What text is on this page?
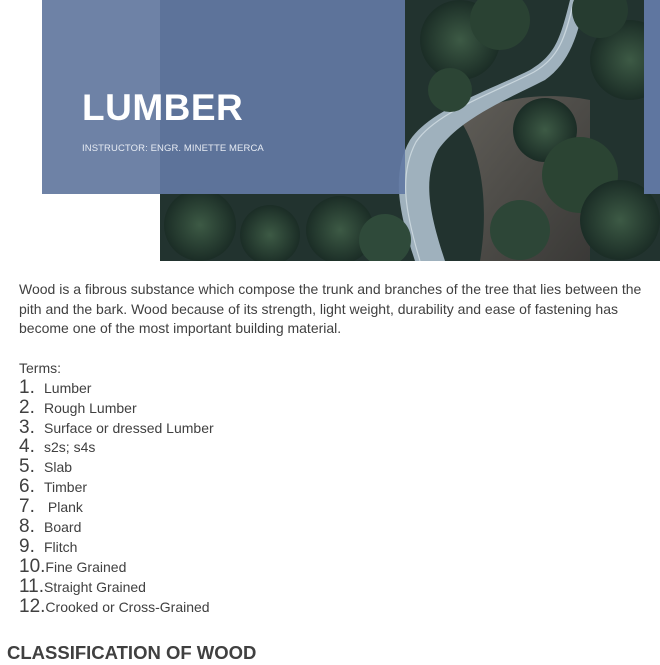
LUMBER
INSTRUCTOR: ENGR. MINETTE MERCA

Wood is a fibrous substance which compose the trunk and branches of the tree that lies between the pith and the bark. Wood because of its strength, light weight, durability and ease of fastening has become one of the most important building material.

Terms:
1. Lumber
2. Rough Lumber
3. Surface or dressed Lumber
4. s2s; s4s
5. Slab
6. Timber
7. Plank
8. Board
9. Flitch
10. Fine Grained
11. Straight Grained
12. Crooked or Cross-Grained
CLASSIFICATION OF WOOD
